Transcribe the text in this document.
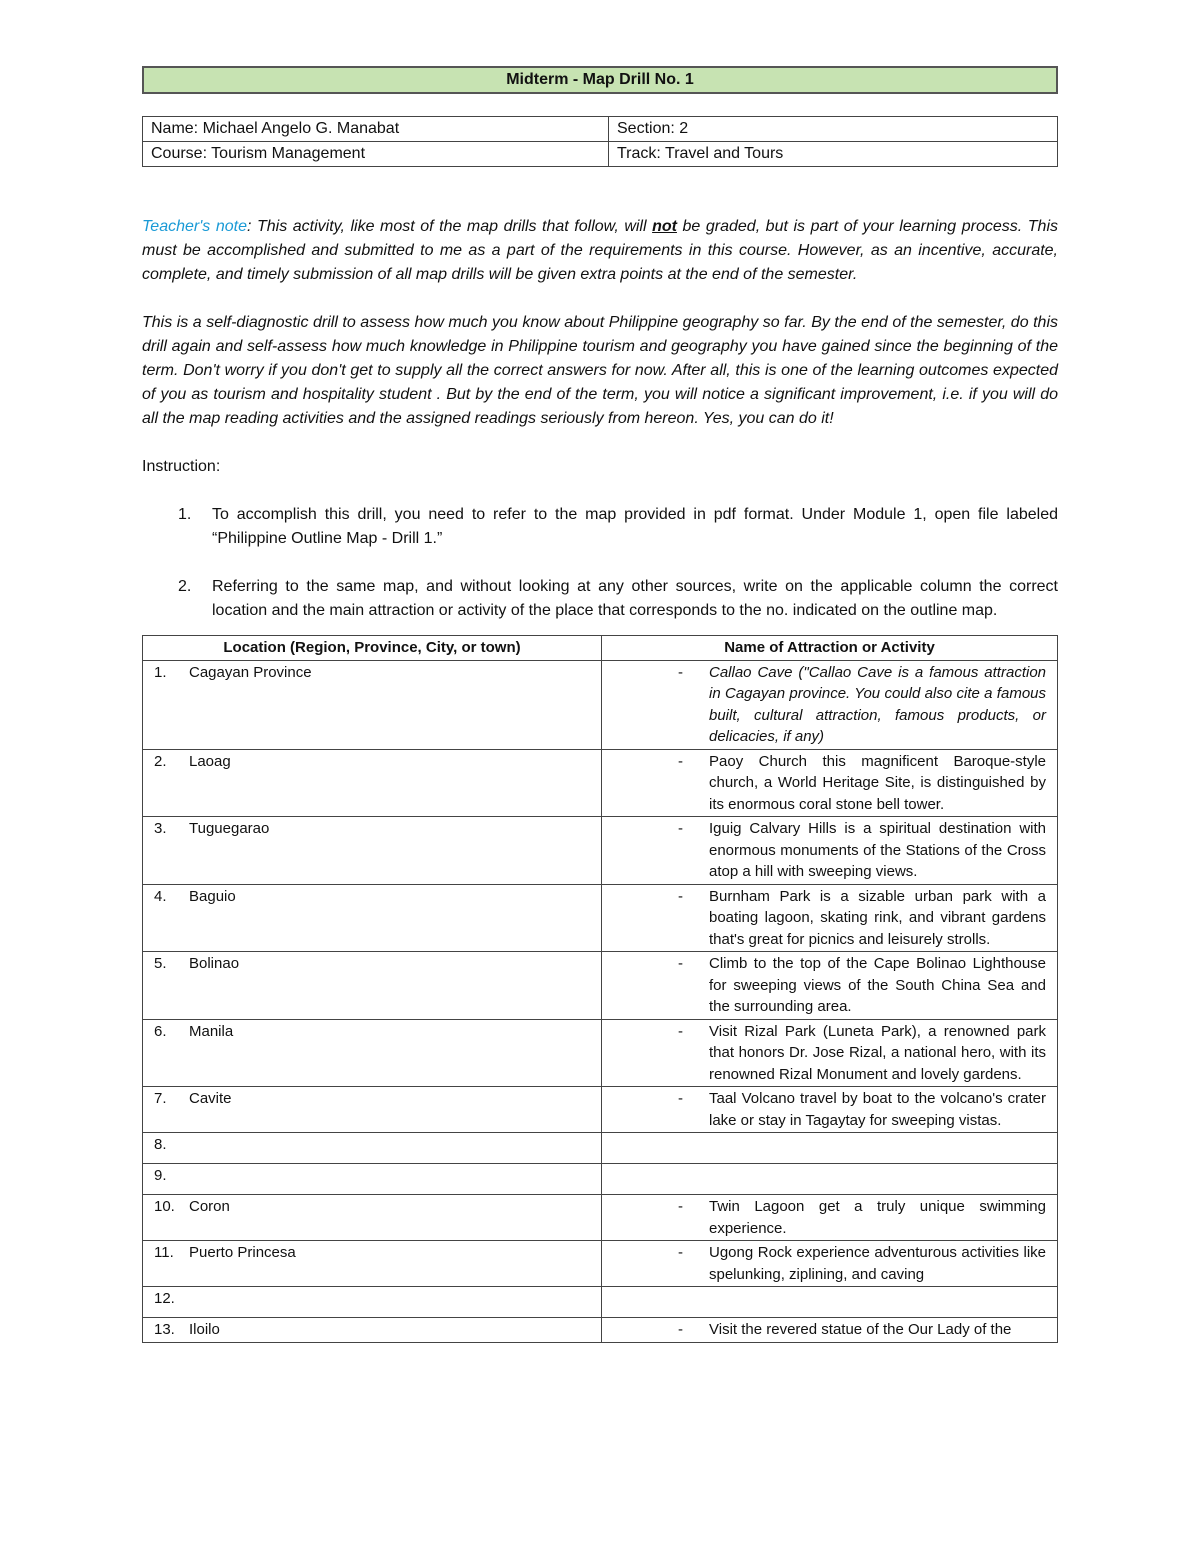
Midterm - Map Drill No. 1
Name: Michael Angelo G. Manabat	Section: 2
Course: Tourism Management	Track: Travel and Tours
Teacher's note: This activity, like most of the map drills that follow, will not be graded, but is part of your learning process. This must be accomplished and submitted to me as a part of the requirements in this course. However, as an incentive, accurate, complete, and timely submission of all map drills will be given extra points at the end of the semester.
This is a self-diagnostic drill to assess how much you know about Philippine geography so far. By the end of the semester, do this drill again and self-assess how much knowledge in Philippine tourism and geography you have gained since the beginning of the term. Don't worry if you don't get to supply all the correct answers for now. After all, this is one of the learning outcomes expected of you as tourism and hospitality student . But by the end of the term, you will notice a significant improvement, i.e. if you will do all the map reading activities and the assigned readings seriously from hereon. Yes, you can do it!
Instruction:
1.	To accomplish this drill, you need to refer to the map provided in pdf format. Under Module 1, open file labeled “Philippine Outline Map - Drill 1.”
2.	Referring to the same map, and without looking at any other sources, write on the applicable column the correct location and the main attraction or activity of the place that corresponds to the no. indicated on the outline map.
Location (Region, Province, City, or town)	Name of Attraction or Activity

1. Cagayan Province	- Callao Cave ("Callao Cave is a famous attraction in Cagayan province. You could also cite a famous built, cultural attraction, famous products, or delicacies, if any)

2. Laoag	- Paoy Church this magnificent Baroque-style church, a World Heritage Site, is distinguished by its enormous coral stone bell tower.

3. Tuguegarao	- Iguig Calvary Hills is a spiritual destination with enormous monuments of the Stations of the Cross atop a hill with sweeping views.

4. Baguio	- Burnham Park is a sizable urban park with a boating lagoon, skating rink, and vibrant gardens that's great for picnics and leisurely strolls.

5. Bolinao	- Climb to the top of the Cape Bolinao Lighthouse for sweeping views of the South China Sea and the surrounding area.

6. Manila	- Visit Rizal Park (Luneta Park), a renowned park that honors Dr. Jose Rizal, a national hero, with its renowned Rizal Monument and lovely gardens.

7. Cavite	- Taal Volcano travel by boat to the volcano's crater lake or stay in Tagaytay for sweeping vistas.

8.	

9.	

10. Coron	- Twin Lagoon get a truly unique swimming experience.

11. Puerto Princesa	- Ugong Rock experience adventurous activities like spelunking, ziplining, and caving

12.	

13. Iloilo	- Visit the revered statue of the Our Lady of the
